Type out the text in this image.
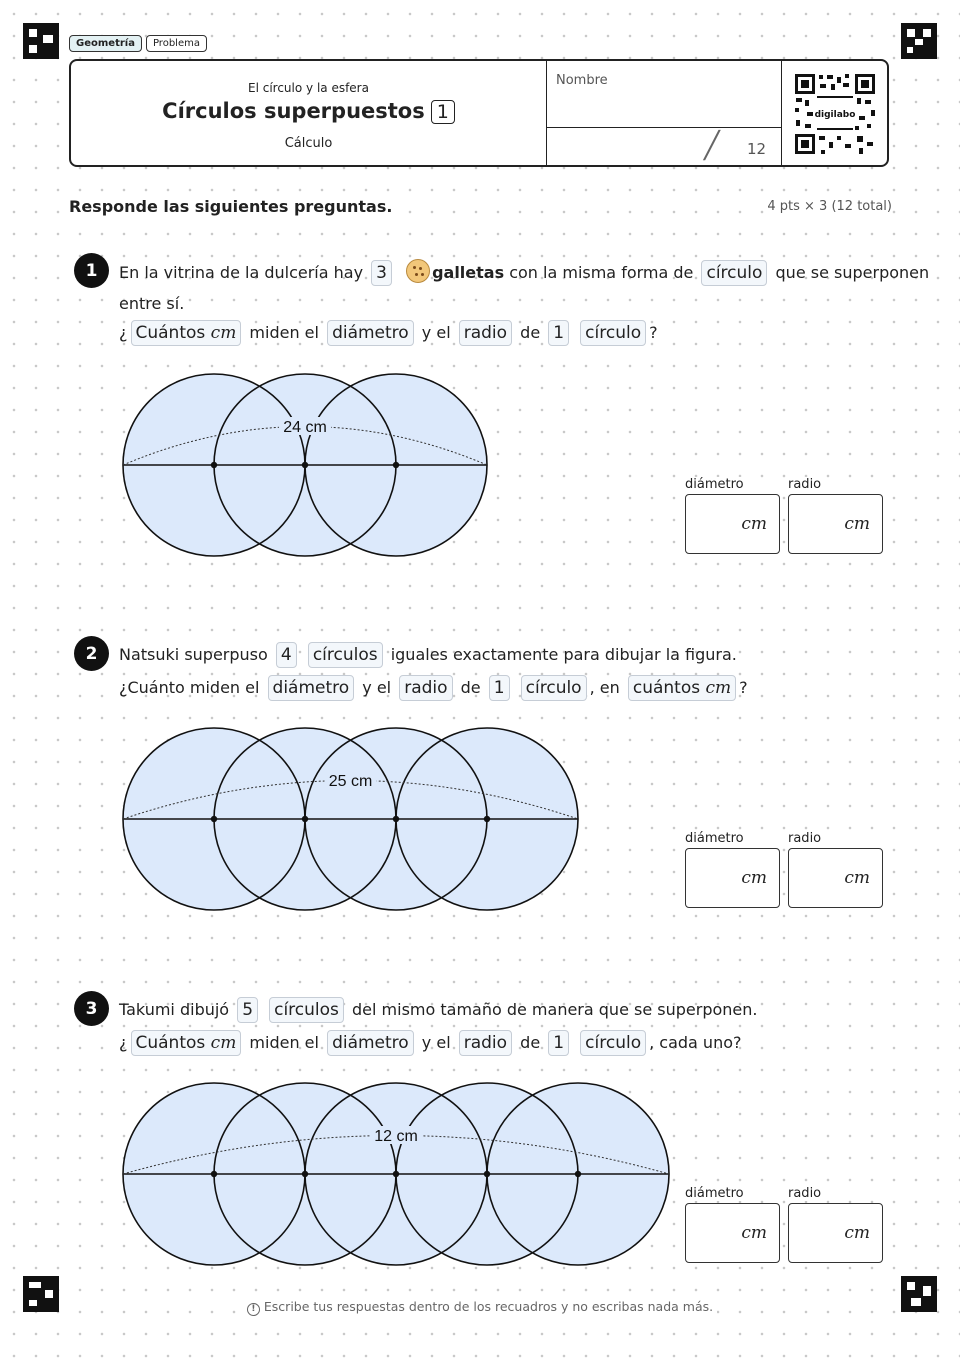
Geometría	Problema
El círculo y la esfera
Círculos superpuestos 1
Cálculo
Nombre
╱ 12
digilabo
Responde las siguientes preguntas.	4 pts × 3 (12 total)
1	En la vitrina de la dulcería hay 3	galletas con la misma forma de círculo que se superponen
entre sí.
¿ Cuántos cm miden el diámetro y el radio de 1 círculo ?
2	Natsuki superpuso 4 círculos iguales exactamente para dibujar la figura.
¿Cuánto miden el diámetro y el radio de 1 círculo , en cuántos cm ?
3	Takumi dibujó 5 círculos del mismo tamaño de manera que se superponen.
¿ Cuántos cm miden el diámetro y el radio de 1 círculo , cada uno?
24 cm
25 cm
12 cm
diámetro	radio
cm	cm
diámetro	radio
cm	cm
diámetro	radio
cm	cm
! Escribe tus respuestas dentro de los recuadros y no escribas nada más.
